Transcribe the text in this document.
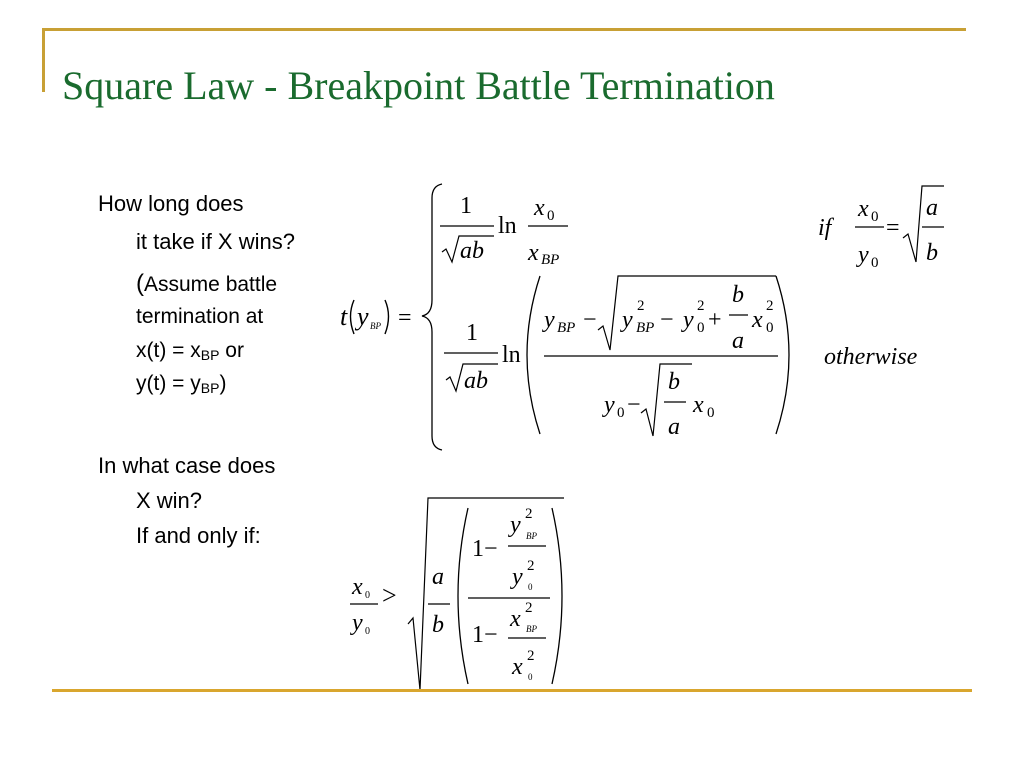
Square Law - Breakpoint Battle Termination
How long does
it take if X wins?
(Assume battle
termination at
$x(t) = x_{BP}$ or
$y(t) = y_{BP}$)
In what case does
X win?
If and only if:
t y BP =
1
ab
ln
x 0
x BP
if
x 0
y 0
=
a
b
1
ab
ln
y BP − y
2
BP − y
2
0 +
b
a
x
2
0
y 0 −
b
a
x 0
otherwise
x 0
y 0
>
a
b
1−
y 2
BP
y 2
0
1−
x 2
BP
x 2
0
